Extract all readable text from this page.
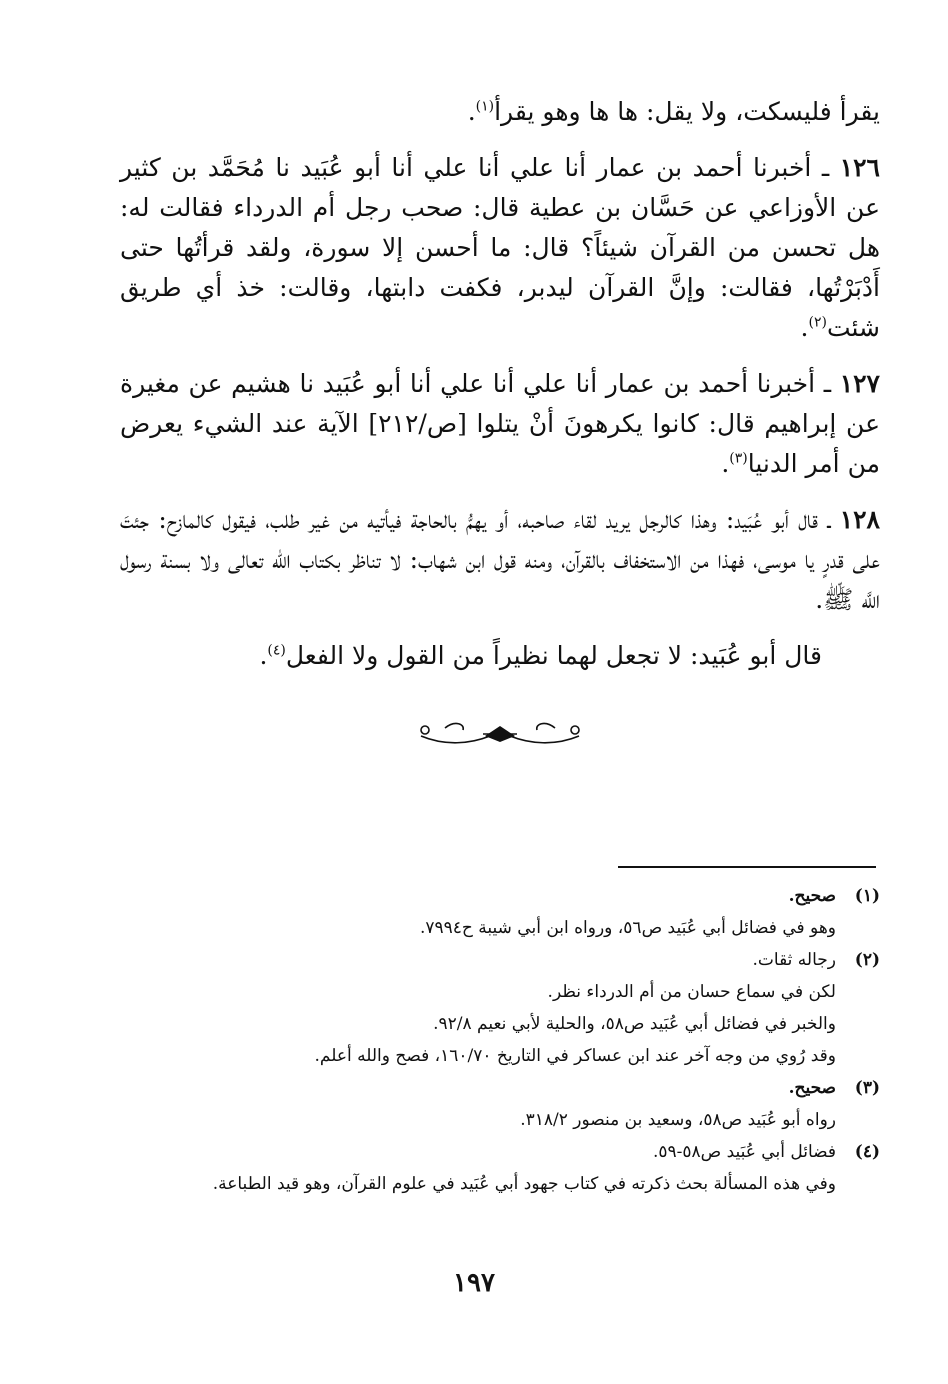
يقرأ فليسكت، ولا يقل: ها ها وهو يقرأ$^{(١)}$.

١٢٦ ـ أخبرنا أحمد بن عمار أنا علي أنا علي أنا أبو عُبَيد نا مُحَمَّد بن كثير عن الأوزاعي عن حَسَّان بن عطية قال: صحب رجل أم الدرداء فقالت له: هل تحسن من القرآن شيئاً؟ قال: ما أحسن إلا سورة، ولقد قرأتُها حتى أَدْبَرْتُها، فقالت: وإنَّ القرآن ليدبر، فكفت دابتها، وقالت: خذ أي طريق شئت$^{(٢)}$.

١٢٧ ـ أخبرنا أحمد بن عمار أنا علي أنا علي أنا أبو عُبَيد نا هشيم عن مغيرة عن إبراهيم قال: كانوا يكرهونَ أنْ يتلوا [ص/٢١٢] الآية عند الشيء يعرض من أمر الدنيا$^{(٣)}$.

١٢٨ ـ قال أبو عُبَيد: وهذا كالرجل يريد لقاء صاحبه، أو يهمُّ بالحاجة فيأتيه من غير طلب، فيقول كالمازح: جئتَ على قدرٍ يا موسى، فهذا من الاستخفاف بالقرآن، ومنه قول ابن شهاب: لا تناظر بكتاب الله تعالى ولا بسنة رسول اللَّه ﷺ.

قال أبو عُبَيد: لا تجعل لهما نظيراً من القول ولا الفعل$^{(٤)}$.

(١)
صحيح.
وهو في فضائل أبي عُبَيد ص٥٦، ورواه ابن أبي شيبة ح٧٩٩٤.
(٢)
رجاله ثقات.
لكن في سماع حسان من أم الدرداء نظر.
والخبر في فضائل أبي عُبَيد ص٥٨، والحلية لأبي نعيم ٩٢/٨.
وقد رُوي من وجه آخر عند ابن عساكر في التاريخ ١٦٠/٧٠، فصح والله أعلم.
(٣)
صحيح.
رواه أبو عُبَيد ص٥٨، وسعيد بن منصور ٣١٨/٢.
(٤)
فضائل أبي عُبَيد ص٥٨-٥٩.
وفي هذه المسألة بحث ذكرته في كتاب جهود أبي عُبَيد في علوم القرآن، وهو قيد الطباعة.
١٩٧
